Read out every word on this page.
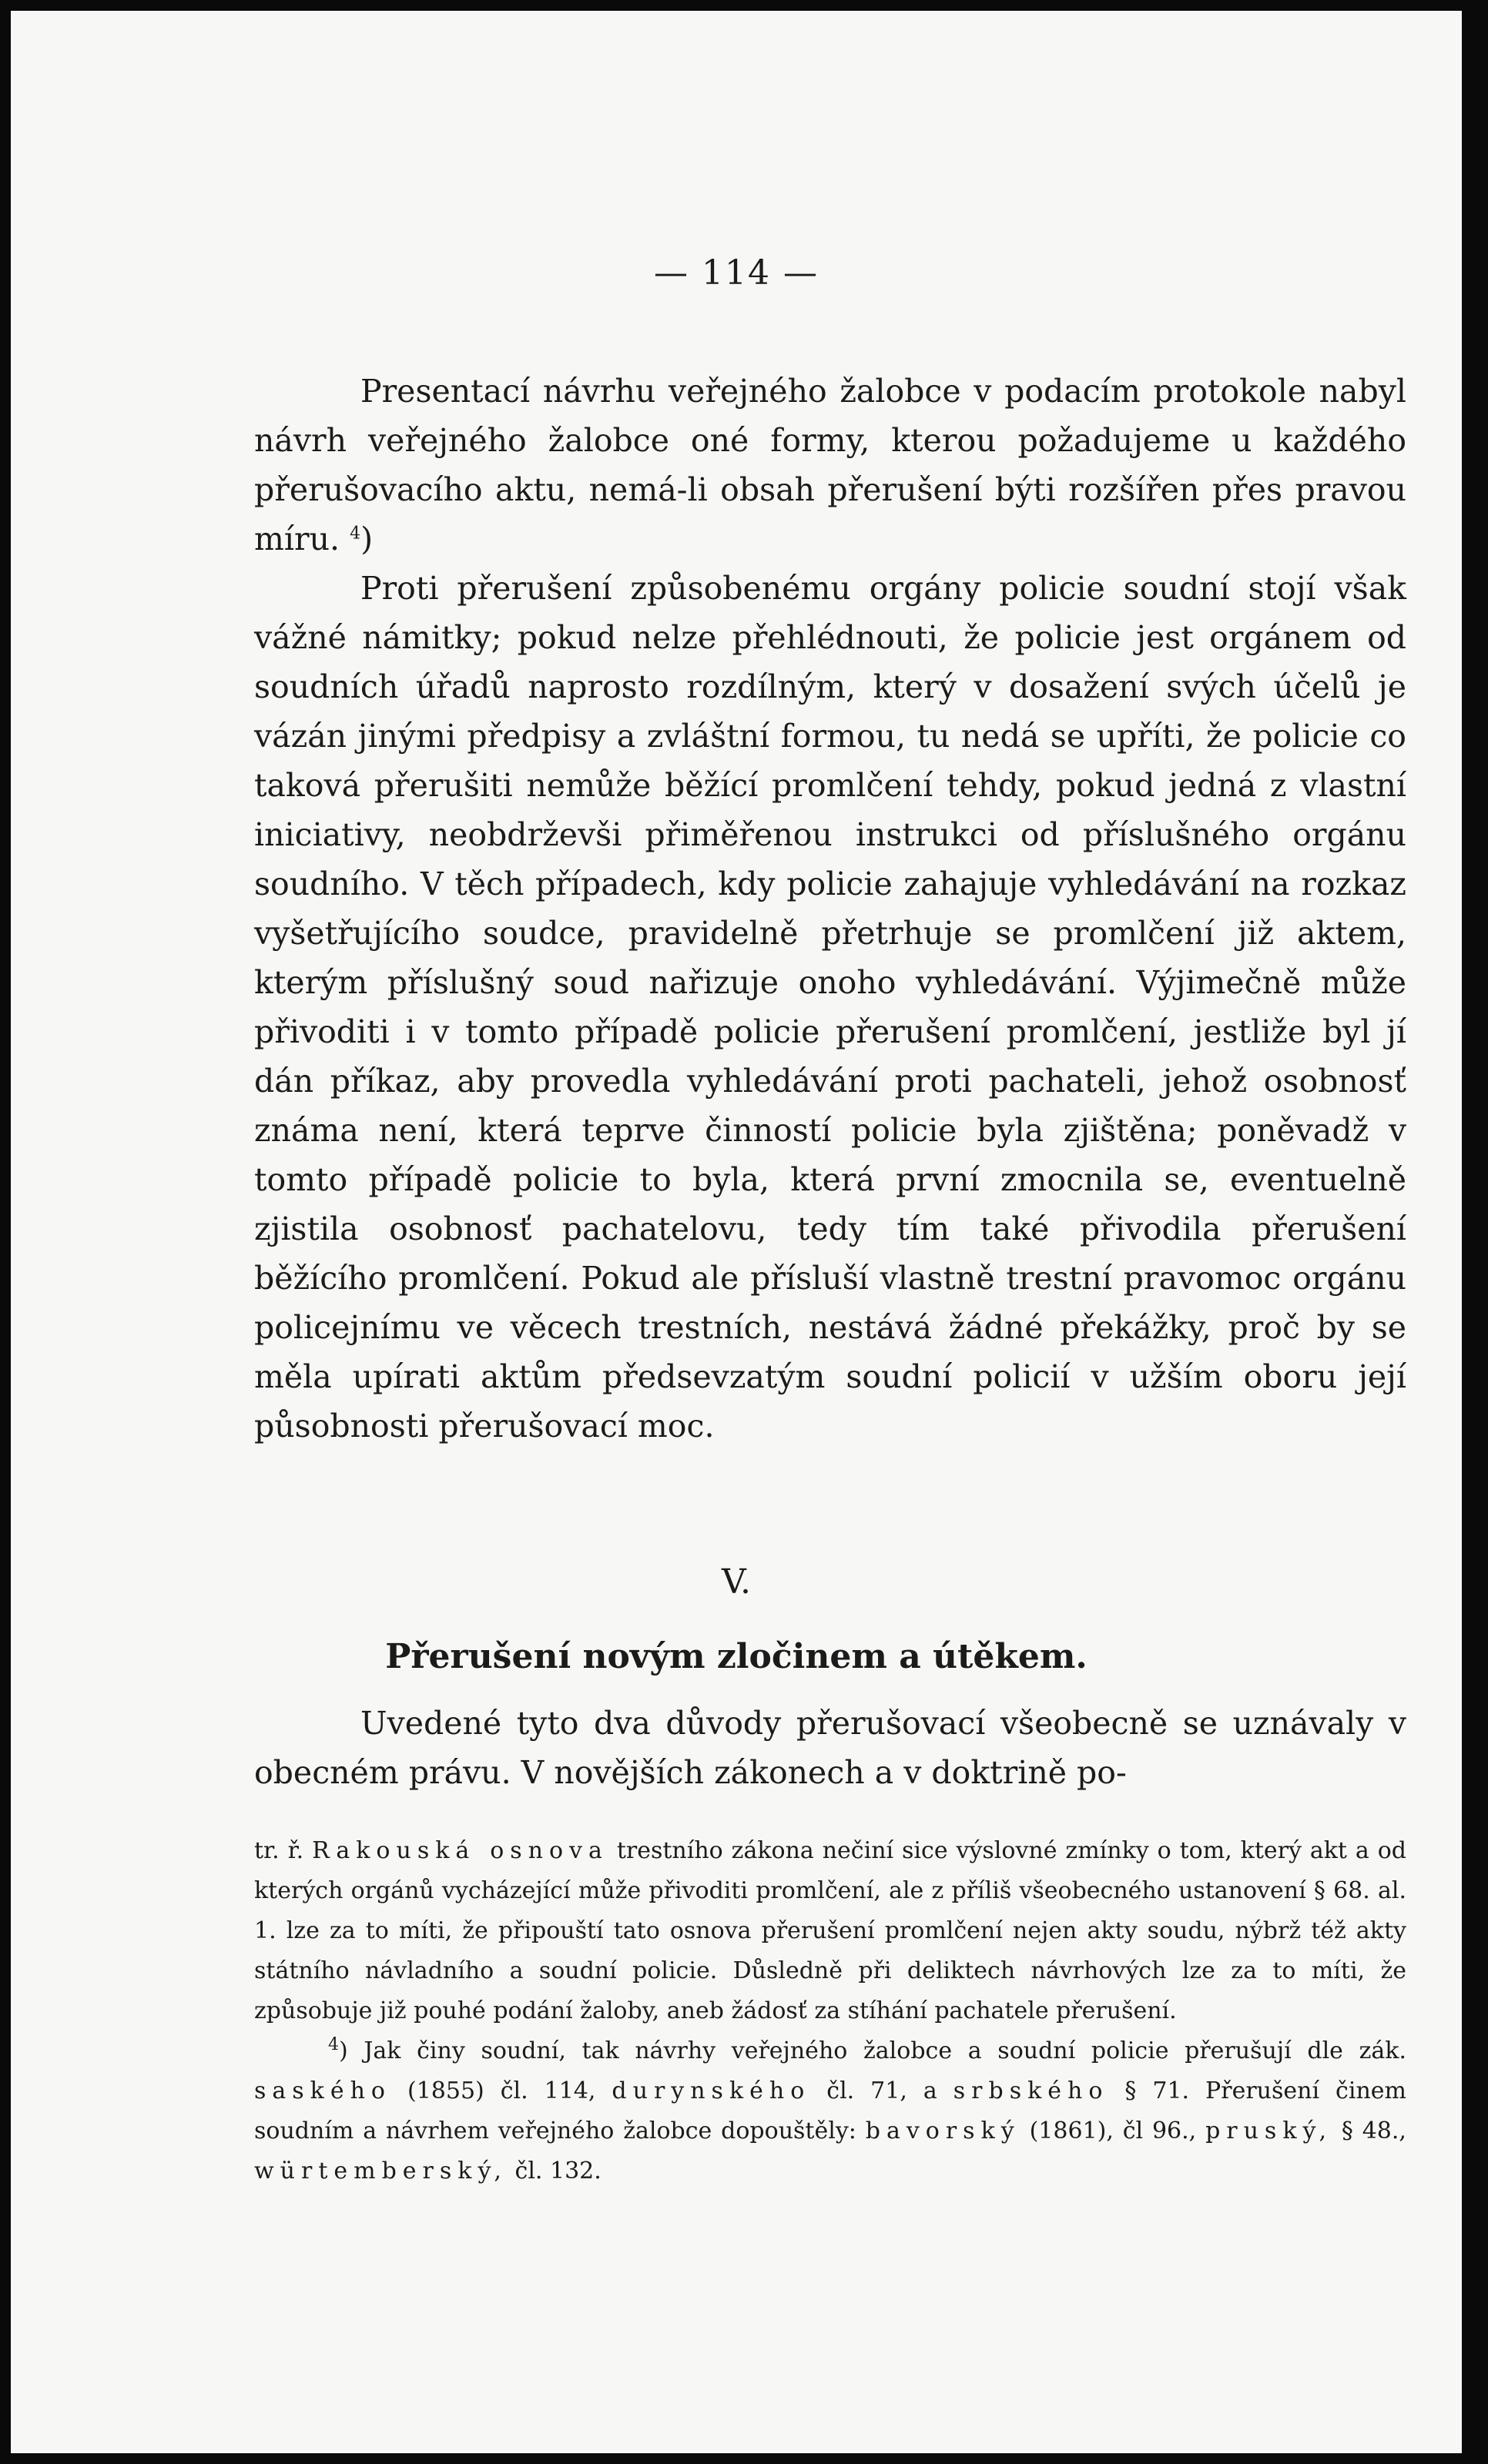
— 114 —

Presentací návrhu veřejného žalobce v podacím protokole nabyl návrh veřejného žalobce oné formy, kterou požadujeme u každého přerušovacího aktu, nemá-li obsah přerušení býti rozšířen přes pravou míru. $^4$)

Proti přerušení způsobenému orgány policie soudní stojí však vážné námitky; pokud nelze přehlédnouti, že policie jest orgánem od soudních úřadů naprosto rozdílným, který v dosažení svých účelů je vázán jinými předpisy a zvláštní formou, tu nedá se upříti, že policie co taková přerušiti nemůže běžící promlčení tehdy, pokud jedná z vlastní iniciativy, neobdrževši přiměřenou instrukci od příslušného orgánu soudního. V těch případech, kdy policie zahajuje vyhledávání na rozkaz vyšetřujícího soudce, pravidelně přetrhuje se promlčení již aktem, kterým příslušný soud nařizuje onoho vyhledávání. Výjimečně může přivoditi i v tomto případě policie přerušení promlčení, jestliže byl jí dán příkaz, aby provedla vyhledávání proti pachateli, jehož osobnosť známa není, která teprve činností policie byla zjištěna; poněvadž v tomto případě policie to byla, která první zmocnila se, eventuelně zjistila osobnosť pachatelovu, tedy tím také přivodila přerušení běžícího promlčení. Pokud ale přísluší vlastně trestní pravomoc orgánu policejnímu ve věcech trestních, nestává žádné překážky, proč by se měla upírati aktům předsevzatým soudní policií v užším oboru její působnosti přerušovací moc.

V.
Přerušení novým zločinem a útěkem.

Uvedené tyto dva důvody přerušovací všeobecně se uznávaly v obecném právu. V novějších zákonech a v doktrině po-

tr. ř. Rakouská osnova trestního zákona nečiní sice výslovné zmínky o tom, který akt a od kterých orgánů vycházející může přivoditi promlčení, ale z příliš všeobecného ustanovení § 68. al. 1. lze za to míti, že připouští tato osnova přerušení promlčení nejen akty soudu, nýbrž též akty státního návladního a soudní policie. Důsledně při deliktech návrhových lze za to míti, že způsobuje již pouhé podání žaloby, aneb žádosť za stíhání pachatele přerušení.

$^4$) Jak činy soudní, tak návrhy veřejného žalobce a soudní policie přerušují dle zák. saského (1855) čl. 114, durynského čl. 71, a srbského § 71. Přerušení činem soudním a návrhem veřejného žalobce dopouštěly: bavorský (1861), čl 96., pruský, § 48., würtemberský, čl. 132.
